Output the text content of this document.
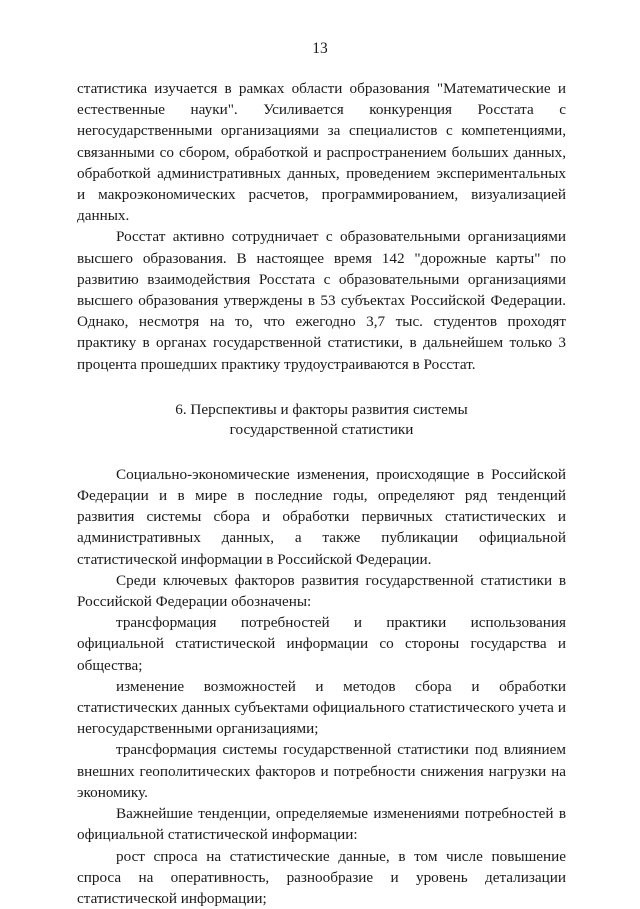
13

статистика изучается в рамках области образования "Математические и естественные науки". Усиливается конкуренция Росстата с негосударственными организациями за специалистов с компетенциями, связанными со сбором, обработкой и распространением больших данных, обработкой административных данных, проведением экспериментальных и макроэкономических расчетов, программированием, визуализацией данных.

Росстат активно сотрудничает с образовательными организациями высшего образования. В настоящее время 142 "дорожные карты" по развитию взаимодействия Росстата с образовательными организациями высшего образования утверждены в 53 субъектах Российской Федерации. Однако, несмотря на то, что ежегодно 3,7 тыс. студентов проходят практику в органах государственной статистики, в дальнейшем только 3 процента прошедших практику трудоустраиваются в Росстат.

6. Перспективы и факторы развития системы
государственной статистики

Социально-экономические изменения, происходящие в Российской Федерации и в мире в последние годы, определяют ряд тенденций развития системы сбора и обработки первичных статистических и административных данных, а также публикации официальной статистической информации в Российской Федерации.

Среди ключевых факторов развития государственной статистики в Российской Федерации обозначены:

трансформация потребностей и практики использования официальной статистической информации со стороны государства и общества;

изменение возможностей и методов сбора и обработки статистических данных субъектами официального статистического учета и негосударственными организациями;

трансформация системы государственной статистики под влиянием внешних геополитических факторов и потребности снижения нагрузки на экономику.

Важнейшие тенденции, определяемые изменениями потребностей в официальной статистической информации:

рост спроса на статистические данные, в том числе повышение спроса на оперативность, разнообразие и уровень детализации статистической информации;
